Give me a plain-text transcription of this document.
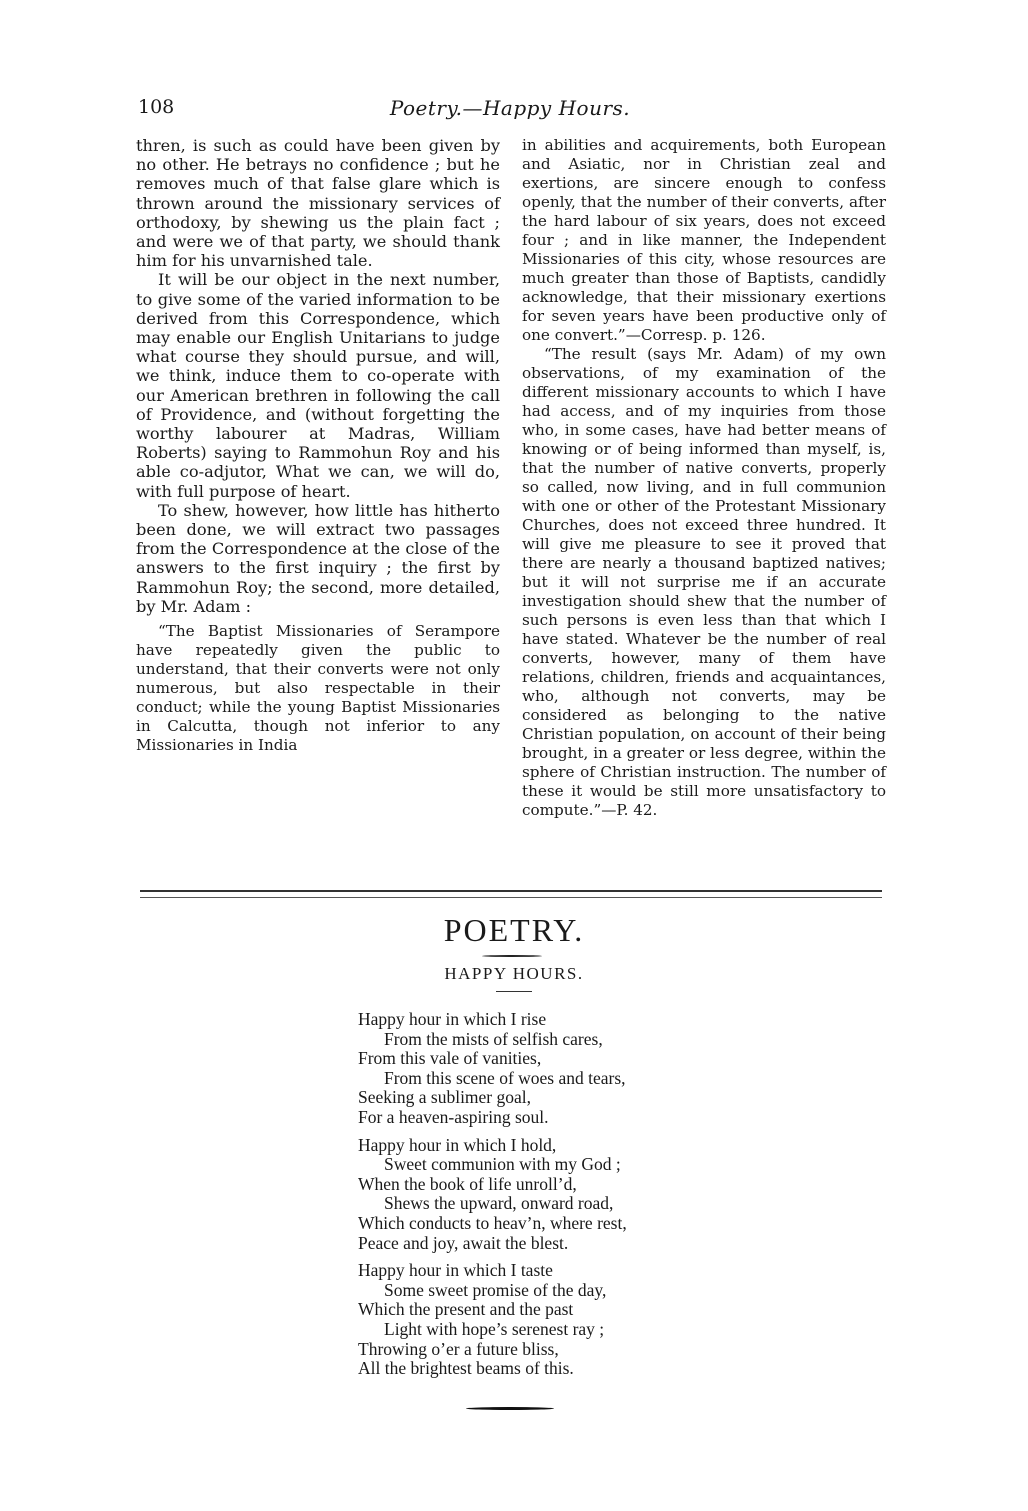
108	Poetry.—Happy Hours.

thren, is such as could have been given by no other. He betrays no confidence ; but he removes much of that false glare which is thrown around the missionary services of orthodoxy, by shewing us the plain fact ; and were we of that party, we should thank him for his unvarnished tale.

It will be our object in the next number, to give some of the varied information to be derived from this Correspondence, which may enable our English Unitarians to judge what course they should pursue, and will, we think, induce them to co-operate with our American brethren in following the call of Providence, and (without forgetting the worthy labourer at Madras, William Roberts) saying to Rammohun Roy and his able co-adjutor, What we can, we will do, with full purpose of heart.

To shew, however, how little has hitherto been done, we will extract two passages from the Correspondence at the close of the answers to the first inquiry ; the first by Rammohun Roy; the second, more detailed, by Mr. Adam :

“The Baptist Missionaries of Serampore have repeatedly given the public to understand, that their converts were not only numerous, but also respectable in their conduct; while the young Baptist Missionaries in Calcutta, though not inferior to any Missionaries in India

in abilities and acquirements, both European and Asiatic, nor in Christian zeal and exertions, are sincere enough to confess openly, that the number of their converts, after the hard labour of six years, does not exceed four ; and in like manner, the Independent Missionaries of this city, whose resources are much greater than those of Baptists, candidly acknowledge, that their missionary exertions for seven years have been productive only of one convert.”—Corresp. p. 126.

“The result (says Mr. Adam) of my own observations, of my examination of the different missionary accounts to which I have had access, and of my inquiries from those who, in some cases, have had better means of knowing or of being informed than myself, is, that the number of native converts, properly so called, now living, and in full communion with one or other of the Protestant Missionary Churches, does not exceed three hundred. It will give me pleasure to see it proved that there are nearly a thousand baptized natives; but it will not surprise me if an accurate investigation should shew that the number of such persons is even less than that which I have stated. Whatever be the number of real converts, however, many of them have relations, children, friends and acquaintances, who, although not converts, may be considered as belonging to the native Christian population, on account of their being brought, in a greater or less degree, within the sphere of Christian instruction. The number of these it would be still more unsatisfactory to compute.”—P. 42.

POETRY.
HAPPY HOURS.
Happy hour in which I rise
From the mists of selfish cares,
From this vale of vanities,
From this scene of woes and tears,
Seeking a sublimer goal,
For a heaven-aspiring soul.
Happy hour in which I hold,
Sweet communion with my God ;
When the book of life unroll’d,
Shews the upward, onward road,
Which conducts to heav’n, where rest,
Peace and joy, await the blest.
Happy hour in which I taste
Some sweet promise of the day,
Which the present and the past
Light with hope’s serenest ray ;
Throwing o’er a future bliss,
All the brightest beams of this.
